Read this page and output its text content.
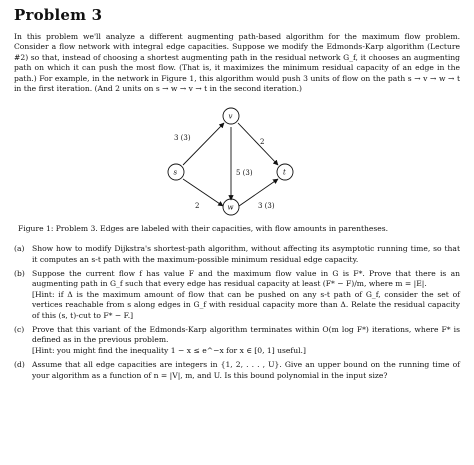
Problem 3

In this problem we'll analyze a different augmenting path-based algorithm for the maximum flow problem. Consider a flow network with integral edge capacities. Suppose we modify the Edmonds-Karp algorithm (Lecture #2) so that, instead of choosing a shortest augmenting path in the residual network G_f, it chooses an augmenting path on which it can push the most flow. (That is, it maximizes the minimum residual capacity of an edge in the path.) For example, in the network in Figure 1, this algorithm would push 3 units of flow on the path s → v → w → t in the first iteration. (And 2 units on s → w → v → t in the second iteration.)

3 (3)	2
5 (3)
2	3 (3)
v
s	t
w

Figure 1: Problem 3. Edges are labeled with their capacities, with flow amounts in parentheses.

(a) Show how to modify Dijkstra's shortest-path algorithm, without affecting its asymptotic running time, so that it computes an s-t path with the maximum-possible minimum residual edge capacity.

(b) Suppose the current flow f has value F and the maximum flow value in G is F*. Prove that there is an augmenting path in G_f such that every edge has residual capacity at least (F* − F)/m, where m = |E|.

[Hint: if Δ is the maximum amount of flow that can be pushed on any s-t path of G_f, consider the set of vertices reachable from s along edges in G_f with residual capacity more than Δ. Relate the residual capacity of this (s, t)-cut to F* − F.]

(c)	Prove that this variant of the Edmonds-Karp algorithm terminates within O(m log F*) iterations, where F* is defined as in the previous problem.

[Hint: you might find the inequality 1 − x ≤ e^−x for x ∈ [0, 1] useful.]

(d) Assume that all edge capacities are integers in {1, 2, . . . , U}. Give an upper bound on the running time of your algorithm as a function of n = |V|, m, and U. Is this bound polynomial in the input size?
